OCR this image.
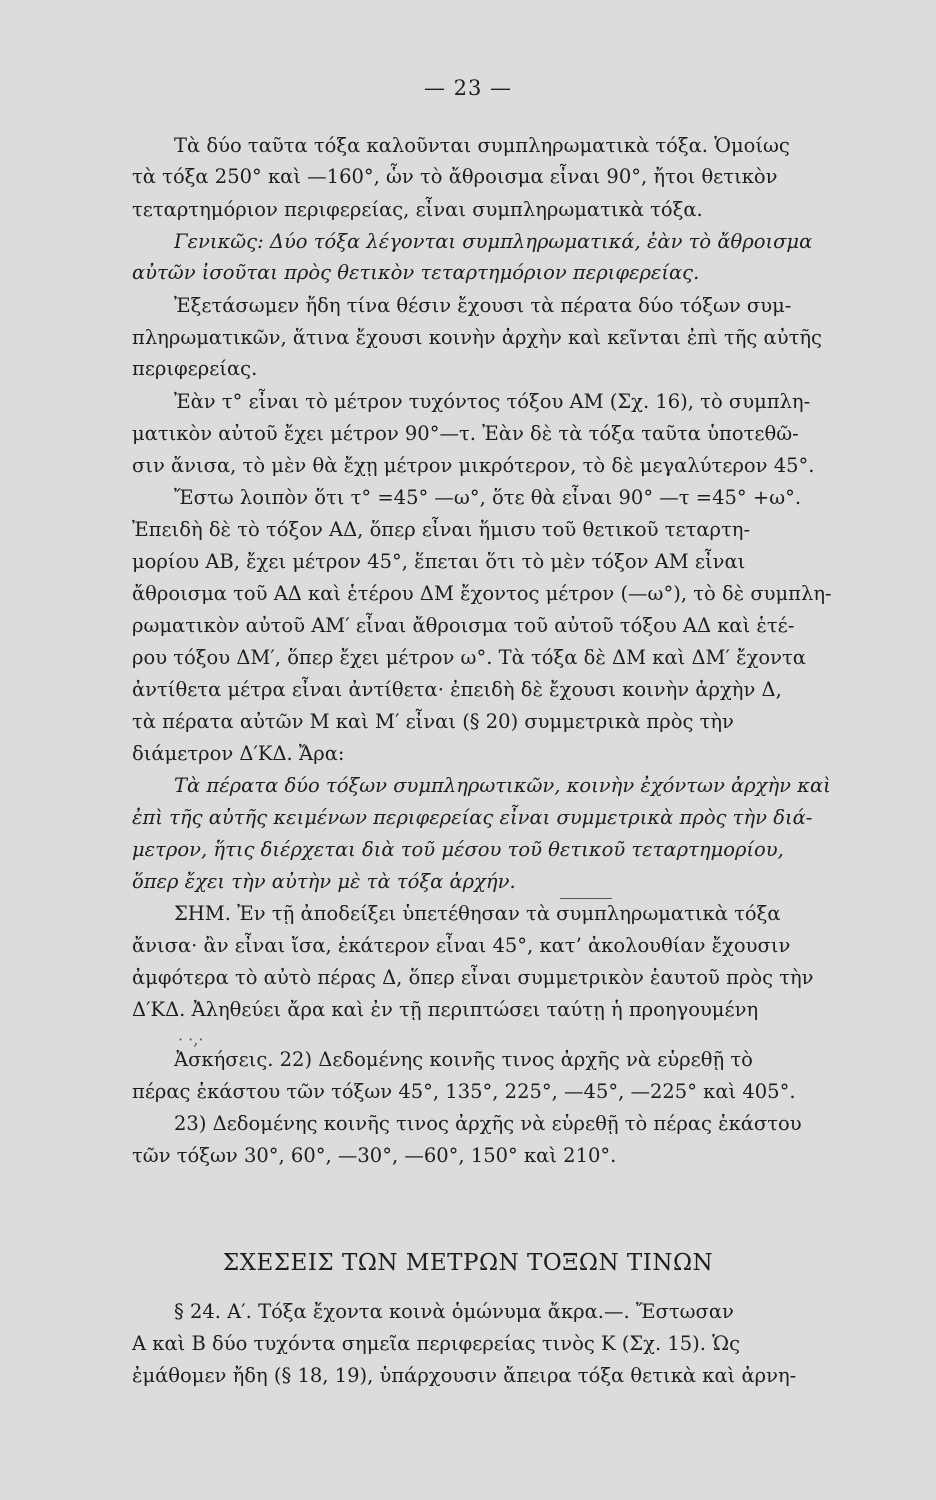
— 23 —
Τὰ δύο ταῦτα τόξα καλοῦνται συμπληρωματικὰ τόξα. Ὁμοίως
τὰ τόξα 250° καὶ —160°, ὧν τὸ ἄθροισμα εἶναι 90°, ἤτοι θετικὸν
τεταρτημόριον περιφερείας, εἶναι συμπληρωματικὰ τόξα.
Γενικῶς: Δύο τόξα λέγονται συμπληρωματικά, ἐὰν τὸ ἄθροισμα
αὐτῶν ἰσοῦται πρὸς θετικὸν τεταρτημόριον περιφερείας.
Ἐξετάσωμεν ἤδη τίνα θέσιν ἔχουσι τὰ πέρατα δύο τόξων συμ-
πληρωματικῶν, ἅτινα ἔχουσι κοινὴν ἀρχὴν καὶ κεῖνται ἐπὶ τῆς αὐτῆς
περιφερείας.
Ἐὰν τ° εἶναι τὸ μέτρον τυχόντος τόξου ΑΜ (Σχ. 16), τὸ συμπλη-
ματικὸν αὐτοῦ ἔχει μέτρον 90°—τ. Ἐὰν δὲ τὰ τόξα ταῦτα ὑποτεθῶ-
σιν ἄνισα, τὸ μὲν θὰ ἔχῃ μέτρον μικρότερον, τὸ δὲ μεγαλύτερον 45°.
Ἔστω λοιπὸν ὅτι τ° =45° —ω°, ὅτε θὰ εἶναι 90° —τ =45° +ω°.
Ἐπειδὴ δὲ τὸ τόξον ΑΔ, ὅπερ εἶναι ἥμισυ τοῦ θετικοῦ τεταρτη-
μορίου ΑΒ, ἔχει μέτρον 45°, ἕπεται ὅτι τὸ μὲν τόξον ΑΜ εἶναι
ἄθροισμα τοῦ ΑΔ καὶ ἑτέρου ΔΜ ἔχοντος μέτρον (—ω°), τὸ δὲ συμπλη-
ρωματικὸν αὐτοῦ ΑΜ′ εἶναι ἄθροισμα τοῦ αὐτοῦ τόξου ΑΔ καὶ ἑτέ-
ρου τόξου ΔΜ′, ὅπερ ἔχει μέτρον ω°. Τὰ τόξα δὲ ΔΜ καὶ ΔΜ′ ἔχοντα
ἀντίθετα μέτρα εἶναι ἀντίθετα· ἐπειδὴ δὲ ἔχουσι κοινὴν ἀρχὴν Δ,
τὰ πέρατα αὐτῶν Μ καὶ Μ′ εἶναι (§ 20) συμμετρικὰ πρὸς τὴν
διάμετρον Δ′ΚΔ. Ἄρα:
Τὰ πέρατα δύο τόξων συμπληρωτικῶν, κοινὴν ἐχόντων ἀρχὴν καὶ
ἐπὶ τῆς αὐτῆς κειμένων περιφερείας εἶναι συμμετρικὰ πρὸς τὴν διά-
μετρον, ἥτις διέρχεται διὰ τοῦ μέσου τοῦ θετικοῦ τεταρτημορίου,
ὅπερ ἔχει τὴν αὐτὴν μὲ τὰ τόξα ἀρχήν.
ΣΗΜ. Ἐν τῇ ἀποδείξει ὑπετέθησαν τὰ συμπληρωματικὰ τόξα
ἄνισα· ἂν εἶναι ἴσα, ἑκάτερον εἶναι 45°, κατ’ ἀκολουθίαν ἔχουσιν
ἀμφότερα τὸ αὐτὸ πέρας Δ, ὅπερ εἶναι συμμετρικὸν ἑαυτοῦ πρὸς τὴν
Δ′ΚΔ. Ἀληθεύει ἄρα καὶ ἐν τῇ περιπτώσει ταύτῃ ἡ προηγουμένη
· ·,·
Ἀσκήσεις. 22) Δεδομένης κοινῆς τινος ἀρχῆς νὰ εὑρεθῇ τὸ
πέρας ἑκάστου τῶν τόξων 45°, 135°, 225°, —45°, —225° καὶ 405°.
23) Δεδομένης κοινῆς τινος ἀρχῆς νὰ εὑρεθῇ τὸ πέρας ἑκάστου
τῶν τόξων 30°, 60°, —30°, —60°, 150° καὶ 210°.
ΣΧΕΣΕΙΣ ΤΩΝ ΜΕΤΡΩΝ ΤΟΞΩΝ ΤΙΝΩΝ
§ 24. Α′. Τόξα ἔχοντα κοινὰ ὁμώνυμα ἄκρα.—. Ἔστωσαν
Α καὶ Β δύο τυχόντα σημεῖα περιφερείας τινὸς Κ (Σχ. 15). Ὡς
ἐμάθομεν ἤδη (§ 18, 19), ὑπάρχουσιν ἄπειρα τόξα θετικὰ καὶ ἀρνη-
